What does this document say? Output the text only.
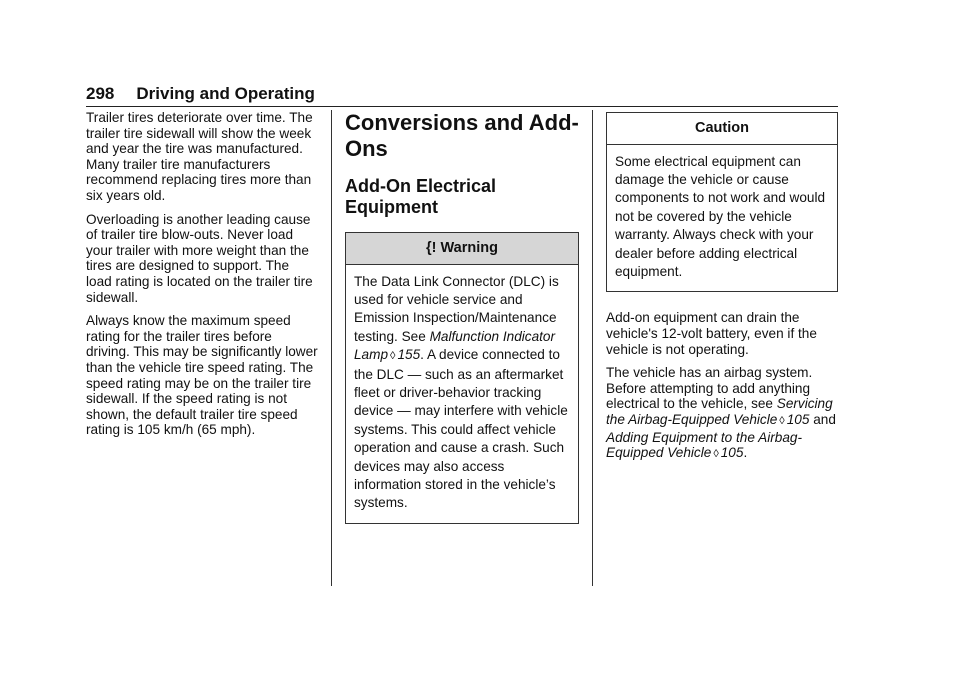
298 Driving and Operating

Trailer tires deteriorate over time. The trailer tire sidewall will show the week and year the tire was manufactured. Many trailer tire manufacturers recommend replacing tires more than six years old.

Overloading is another leading cause of trailer tire blow-outs. Never load your trailer with more weight than the tires are designed to support. The load rating is located on the trailer tire sidewall.

Always know the maximum speed rating for the trailer tires before driving. This may be significantly lower than the vehicle tire speed rating. The speed rating may be on the trailer tire sidewall. If the speed rating is not shown, the default trailer tire speed rating is 105 km/h (65 mph).

Conversions and Add-Ons
Add-On Electrical Equipment
{! Warning
The Data Link Connector (DLC) is used for vehicle service and Emission Inspection/Maintenance testing. See Malfunction Indicator Lamp ◊ 155. A device connected to the DLC — such as an aftermarket fleet or driver-behavior tracking device — may interfere with vehicle systems. This could affect vehicle operation and cause a crash. Such devices may also access information stored in the vehicle’s systems.
Caution
Some electrical equipment can damage the vehicle or cause components to not work and would not be covered by the vehicle warranty. Always check with your dealer before adding electrical equipment.

Add-on equipment can drain the vehicle's 12-volt battery, even if the vehicle is not operating.

The vehicle has an airbag system. Before attempting to add anything electrical to the vehicle, see Servicing the Airbag-Equipped Vehicle ◊ 105 and Adding Equipment to the Airbag-Equipped Vehicle ◊ 105.
